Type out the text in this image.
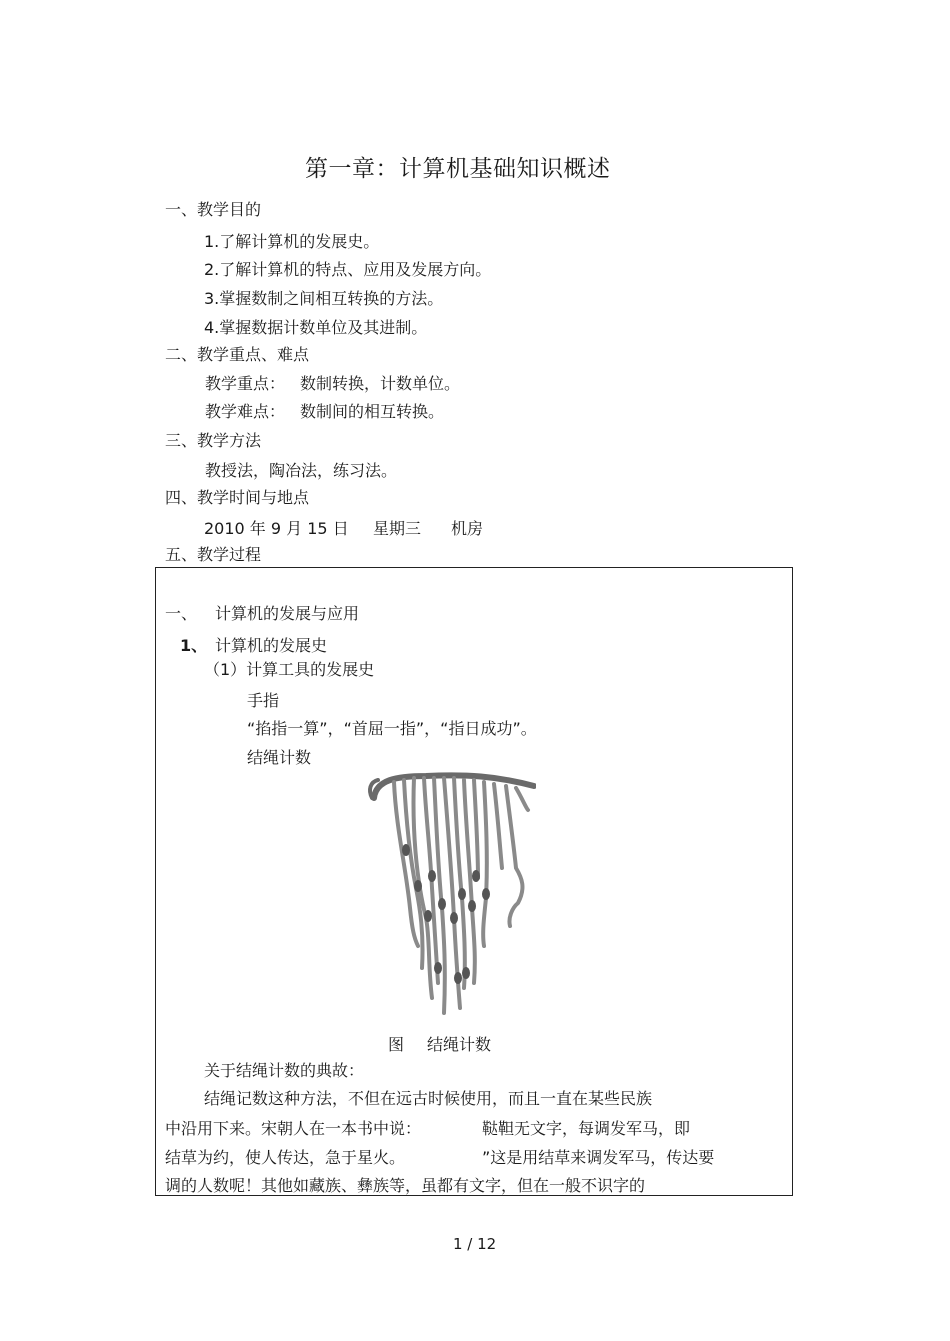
第一章：计算机基础知识概述
一、教学目的
1.了解计算机的发展史。
2.了解计算机的特点、应用及发展方向。
3.掌握数制之间相互转换的方法。
4.掌握数据计数单位及其进制。
二、教学重点、难点
教学重点： 数制转换，计数单位。
教学难点： 数制间的相互转换。
三、教学方法
教授法，陶冶法，练习法。
四、教学时间与地点
2010 年 9 月 15 日 星期三 机房
五、教学过程
一、 计算机的发展与应用
1、 计算机的发展史
（1）计算工具的发展史
手指
“掐指一算”，“首屈一指”，“指日成功”。
结绳计数
图 结绳计数
关于结绳计数的典故：
结绳记数这种方法，不但在远古时候使用，而且一直在某些民族
中沿用下来。宋朝人在一本书中说：	鞑靼无文字，每调发军马，即
结草为约，使人传达，急于星火。	”这是用结草来调发军马，传达要
调的人数呢！其他如藏族、彝族等，虽都有文字，但在一般不识字的
1 / 12
